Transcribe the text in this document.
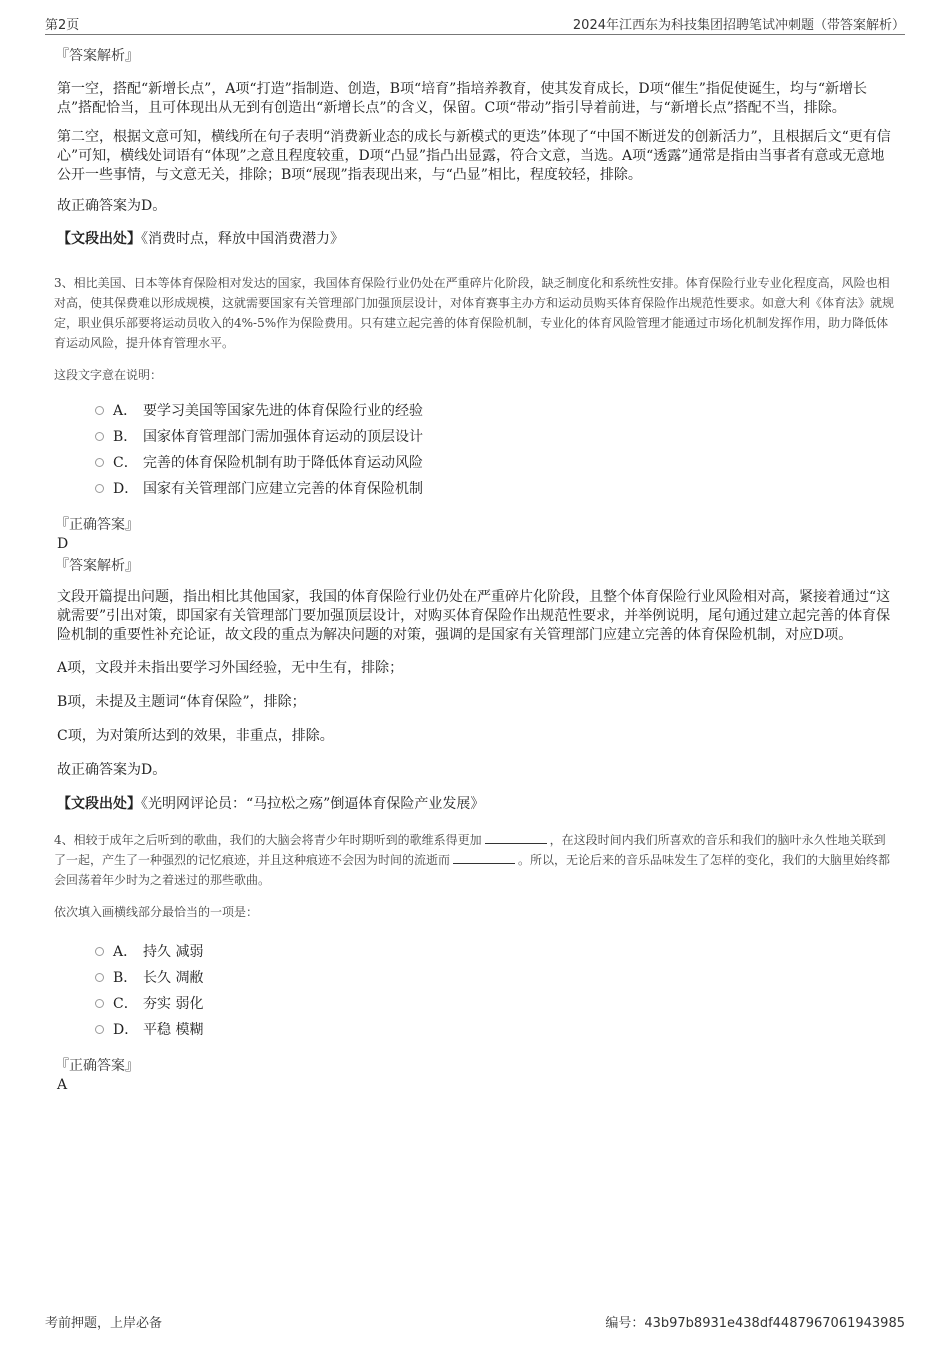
第2页	2024年江西东为科技集团招聘笔试冲刺题（带答案解析）
『答案解析』

第一空，搭配“新增长点”，A项“打造”指制造、创造，B项“培育”指培养教育，使其发育成长，D项“催生”指促使诞生，均与“新增长点”搭配恰当，且可体现出从无到有创造出“新增长点”的含义，保留。C项“带动”指引导着前进，与“新增长点”搭配不当，排除。

第二空，根据文意可知，横线所在句子表明“消费新业态的成长与新模式的更迭”体现了“中国不断迸发的创新活力”，且根据后文“更有信心”可知，横线处词语有“体现”之意且程度较重，D项“凸显”指凸出显露，符合文意，当选。A项“透露”通常是指由当事者有意或无意地公开一些事情，与文意无关，排除；B项“展现”指表现出来，与“凸显”相比，程度较轻，排除。

故正确答案为D。

【文段出处】《消费时点，释放中国消费潜力》

3、相比美国、日本等体育保险相对发达的国家，我国体育保险行业仍处在严重碎片化阶段，缺乏制度化和系统性安排。体育保险行业专业化程度高，风险也相对高，使其保费难以形成规模，这就需要国家有关管理部门加强顶层设计，对体育赛事主办方和运动员购买体育保险作出规范性要求。如意大利《体育法》就规定，职业俱乐部要将运动员收入的4%-5%作为保险费用。只有建立起完善的体育保险机制，专业化的体育风险管理才能通过市场化机制发挥作用，助力降低体育运动风险，提升体育管理水平。

这段文字意在说明：

A． 要学习美国等国家先进的体育保险行业的经验
B． 国家体育管理部门需加强体育运动的顶层设计
C． 完善的体育保险机制有助于降低体育运动风险
D． 国家有关管理部门应建立完善的体育保险机制
『正确答案』
D
『答案解析』

文段开篇提出问题，指出相比其他国家，我国的体育保险行业仍处在严重碎片化阶段，且整个体育保险行业风险相对高，紧接着通过“这就需要”引出对策，即国家有关管理部门要加强顶层设计，对购买体育保险作出规范性要求，并举例说明，尾句通过建立起完善的体育保险机制的重要性补充论证，故文段的重点为解决问题的对策，强调的是国家有关管理部门应建立完善的体育保险机制，对应D项。

A项，文段并未指出要学习外国经验，无中生有，排除；

B项，未提及主题词“体育保险”，排除；

C项，为对策所达到的效果，非重点，排除。

故正确答案为D。

【文段出处】《光明网评论员：“马拉松之殇”倒逼体育保险产业发展》

4、相较于成年之后听到的歌曲，我们的大脑会将青少年时期听到的歌维系得更加	，在这段时间内我们所喜欢的音乐和我们的脑叶永久性地关联到了一起，产生了一种强烈的记忆痕迹，并且这种痕迹不会因为时间的流逝而	。所以，无论后来的音乐品味发生了怎样的变化，我们的大脑里始终都会回荡着年少时为之着迷过的那些歌曲。

依次填入画横线部分最恰当的一项是：

A． 持久 减弱
B． 长久 凋敝
C． 夯实 弱化
D． 平稳 模糊
『正确答案』
A
考前押题，上岸必备	编号：43b97b8931e438df4487967061943985
